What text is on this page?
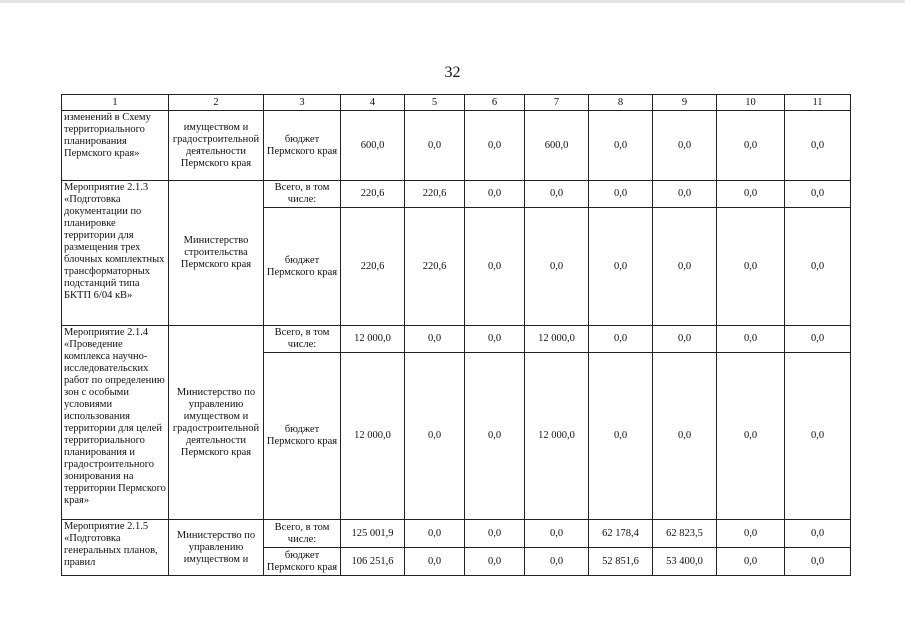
32
1	2	3	4	5	6	7	8	9	10	11
изменений в Схему территориального планирования Пермского края»	имуществом и градостроительной деятельности Пермского края	бюджет Пермского края	600,0	0,0	0,0	600,0	0,0	0,0	0,0	0,0
Мероприятие 2.1.3 «Подготовка документации по планировке территории для размещения трех блочных комплектных трансформаторных подстанций типа БКТП 6/04 кВ»	Министерство строительства Пермского края	Всего, в том числе:	220,6	220,6	0,0	0,0	0,0	0,0	0,0	0,0
		бюджет Пермского края	220,6	220,6	0,0	0,0	0,0	0,0	0,0	0,0
Мероприятие 2.1.4 «Проведение комплекса научно-исследовательских работ по определению зон с особыми условиями использования территории для целей территориального планирования и градостроительного зонирования на территории Пермского края»	Министерство по управлению имуществом и градостроительной деятельности Пермского края	Всего, в том числе:	12 000,0	0,0	0,0	12 000,0	0,0	0,0	0,0	0,0
		бюджет Пермского края	12 000,0	0,0	0,0	12 000,0	0,0	0,0	0,0	0,0
Мероприятие 2.1.5 «Подготовка генеральных планов, правил	Министерство по управлению имуществом и	Всего, в том числе:	125 001,9	0,0	0,0	0,0	62 178,4	62 823,5	0,0	0,0
		бюджет Пермского края	106 251,6	0,0	0,0	0,0	52 851,6	53 400,0	0,0	0,0
